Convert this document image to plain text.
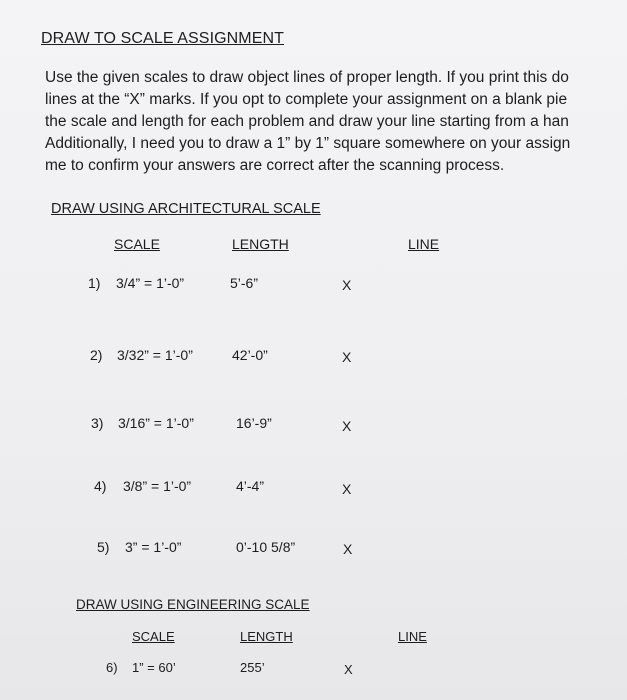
DRAW TO SCALE ASSIGNMENT
Use the given scales to draw object lines of proper length. If you print this do
lines at the “X” marks. If you opt to complete your assignment on a blank pie
the scale and length for each problem and draw your line starting from a han
Additionally, I need you to draw a 1” by 1” square somewhere on your assign
me to confirm your answers are correct after the scanning process.
DRAW USING ARCHITECTURAL SCALE
SCALE	LENGTH	LINE
1) 3/4” = 1’-0”	5’-6”	X
2) 3/32” = 1’-0”	42’-0”	X
3) 3/16” = 1’-0”	16’-9”	X
4) 3/8” = 1’-0”	4’-4”	X
5) 3” = 1’-0”	0’-10 5/8”	X
DRAW USING ENGINEERING SCALE
SCALE	LENGTH	LINE
6) 1” = 60’	255’	X
